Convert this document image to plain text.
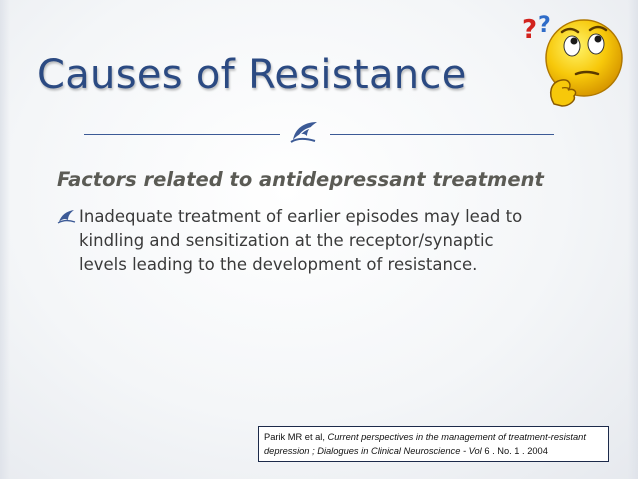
Causes of Resistance
? ?
Factors related to antidepressant treatment

Inadequate treatment of earlier episodes may lead to
kindling and sensitization at the receptor/synaptic
levels leading to the development of resistance.

Parik MR et al, Current perspectives in the management of treatment-resistant

depression ; Dialogues in Clinical Neuroscience - Vol 6 . No. 1 . 2004
